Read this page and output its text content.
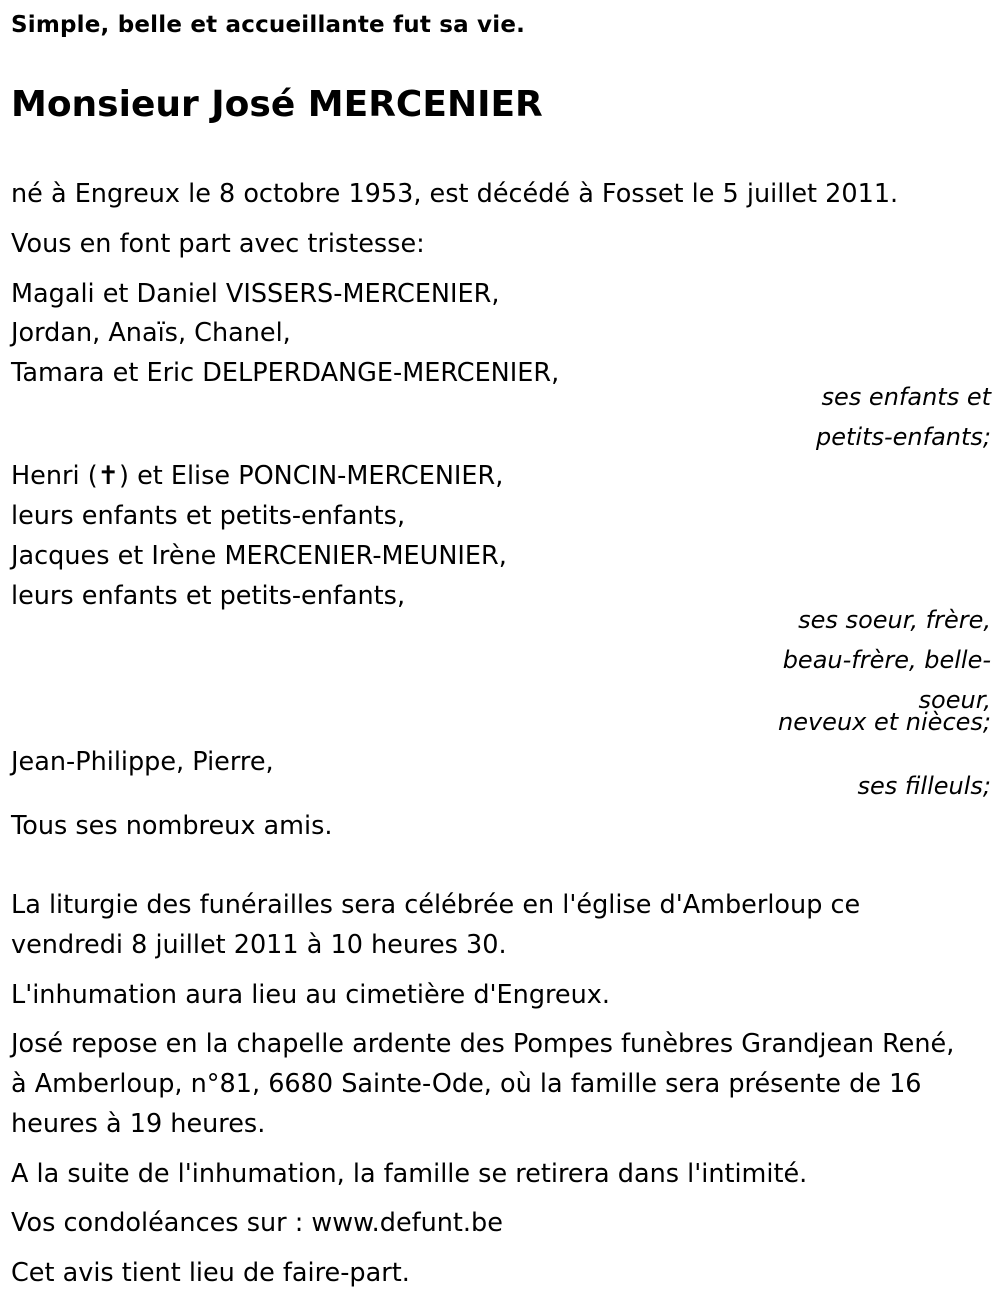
Simple, belle et accueillante fut sa vie.
Monsieur José MERCENIER
né à Engreux le 8 octobre 1953, est décédé à Fosset le 5 juillet 2011.
Vous en font part avec tristesse:
Magali et Daniel VISSERS-MERCENIER,
Jordan, Anaïs, Chanel,
Tamara et Eric DELPERDANGE-MERCENIER,
ses enfants et
petits-enfants;
Henri (✝) et Elise PONCIN-MERCENIER,
leurs enfants et petits-enfants,
Jacques et Irène MERCENIER-MEUNIER,
leurs enfants et petits-enfants,
ses soeur, frère,
beau-frère, belle-
soeur,
neveux et nièces;
Jean-Philippe, Pierre,
ses filleuls;
Tous ses nombreux amis.
La liturgie des funérailles sera célébrée en l'église d'Amberloup ce
vendredi 8 juillet 2011 à 10 heures 30.
L'inhumation aura lieu au cimetière d'Engreux.
José repose en la chapelle ardente des Pompes funèbres Grandjean René,
à Amberloup, n°81, 6680 Sainte-Ode, où la famille sera présente de 16
heures à 19 heures.
A la suite de l'inhumation, la famille se retirera dans l'intimité.
Vos condoléances sur : www.defunt.be
Cet avis tient lieu de faire-part.
